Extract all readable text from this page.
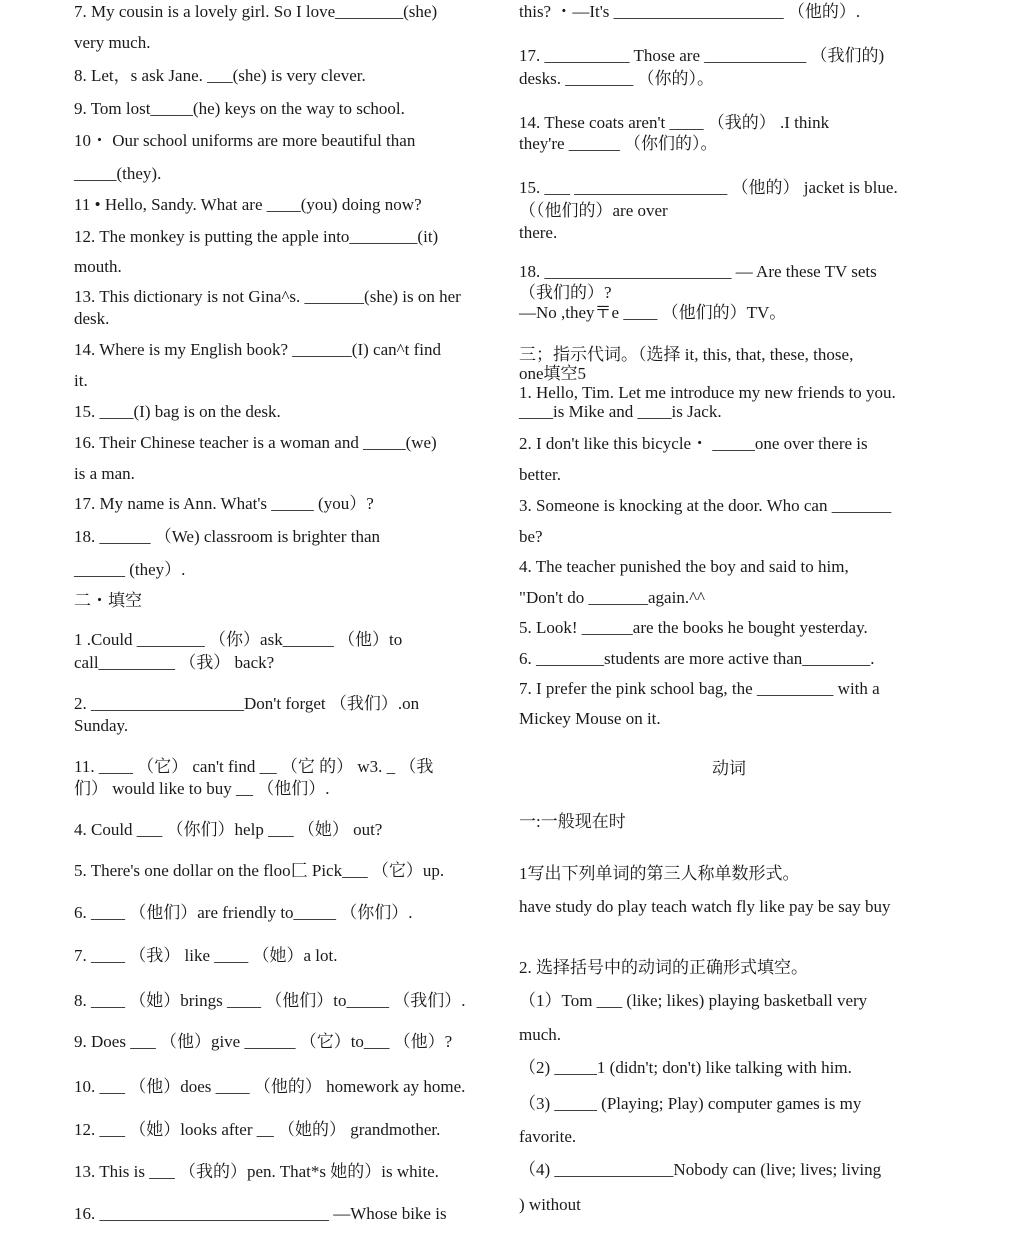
7. My cousin is a lovely girl. So I love________(she)
very much.
8. Let，s ask Jane. ___(she) is very clever.
9. Tom lost_____(he) keys on the way to school.
10・ Our school uniforms are more beautiful than
_____(they).
11 • Hello, Sandy. What are ____(you) doing now?
12. The monkey is putting the apple into________(it)
mouth.
13. This dictionary is not Gina^s. _______(she) is on her
desk.
14. Where is my English book? _______(I) can^t find
it.
15. ____(I) bag is on the desk.
16. Their Chinese teacher is a woman and _____(we)
is a man.
17. My name is Ann. What's _____ (you）?
18. ______ （We) classroom is brighter than
______ (they）.
二・填空
1 .Could ________ （你）ask______ （他）to
call_________ （我） back?
2. __________________Don't forget （我们）.on
Sunday.
11. ____ （它） can't find __ （它 的） w3. _ （我
们） would like to buy __ （他们）.
4. Could ___ （你们）help ___ （她） out?
5. There's one dollar on the floo匚 Pick___ （它）up.
6. ____ （他们）are friendly to_____ （你们）.
7. ____ （我） like ____ （她）a lot.
8. ____ （她）brings ____ （他们）to_____ （我们）.
9. Does ___ （他）give ______ （它）to___ （他）?
10. ___ （他）does ____ （他的） homework ay home.
12. ___ （她）looks after __ （她的） grandmother.
13. This is ___ （我的）pen. That*s 她的）is white.
16. ___________________________ —Whose bike is
动词
this? ・—It's ____________________ （他的）.
17. __________ Those are ____________ （我们的)
desks. ________ （你的）。
14. These coats aren't ____ （我的） .I think
they're ______ （你们的）。
15. ___ __________________ （他的） jacket is blue.
（（他们的）are over
there.
18. ______________________ — Are these TV sets
（我们的）?
—No ,they〒e ____ （他们的）TV。
三；指示代词。（选择 it, this, that, these, those,
one填空5
1. Hello, Tim. Let me introduce my new friends to you.
____is Mike and ____is Jack.
2. I don't like this bicycle・ _____one over there is
better.
3. Someone is knocking at the door. Who can _______
be?
4. The teacher punished the boy and said to him,
"Don't do _______again.^^
5. Look! ______are the books he bought yesterday.
6. ________students are more active than________.
7. I prefer the pink school bag, the _________ with a
Mickey Mouse on it.
一:一般现在时
1写出下列单词的第三人称单数形式。
have study do play teach watch fly like pay be say buy
2. 选择括号中的动词的正确形式填空。
（1）Tom ___ (like; likes) playing basketball very
much.
（2) _____1 (didn't; don't) like talking with him.
（3) _____ (Playing; Play) computer games is my
favorite.
（4) ______________Nobody can (live; lives; living
) without
